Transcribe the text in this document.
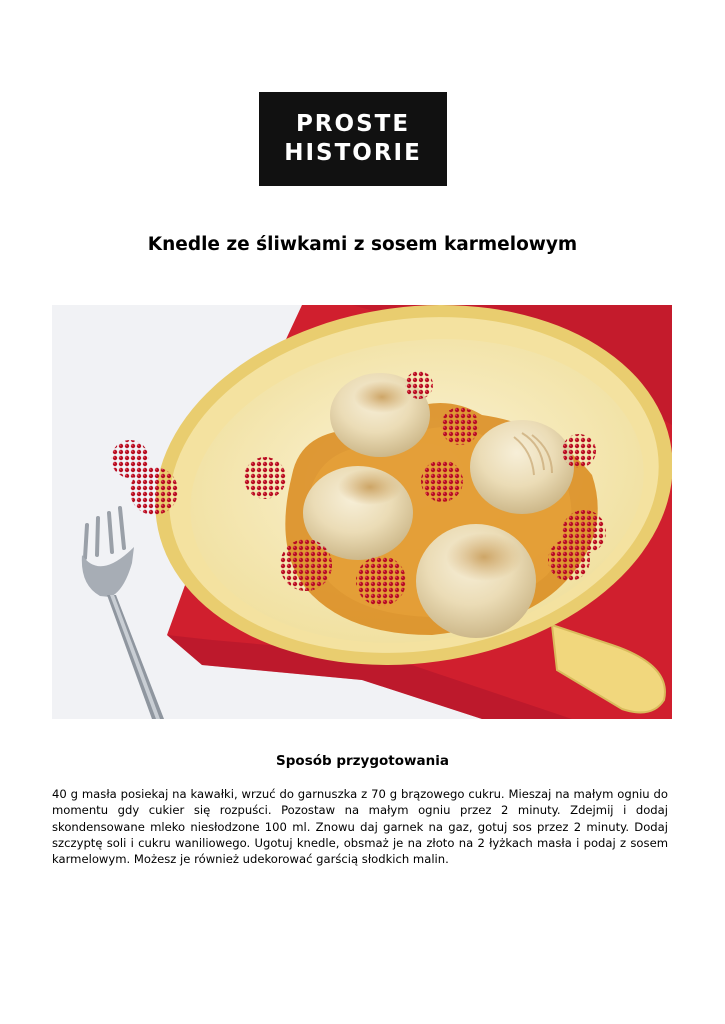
PROSTE
HISTORIE
Knedle ze śliwkami z sosem karmelowym
Sposób przygotowania

40 g masła posiekaj na kawałki, wrzuć do garnuszka z 70 g brązowego cukru. Mieszaj na małym ogniu do momentu gdy cukier się rozpuści. Pozostaw na małym ogniu przez 2 minuty. Zdejmij i dodaj skondensowane mleko niesłodzone 100 ml. Znowu daj garnek na gaz, gotuj sos przez 2 minuty. Dodaj szczyptę soli i cukru waniliowego. Ugotuj knedle, obsmaż je na złoto na 2 łyżkach masła i podaj z sosem karmelowym. Możesz je również udekorować garścią słodkich malin.
